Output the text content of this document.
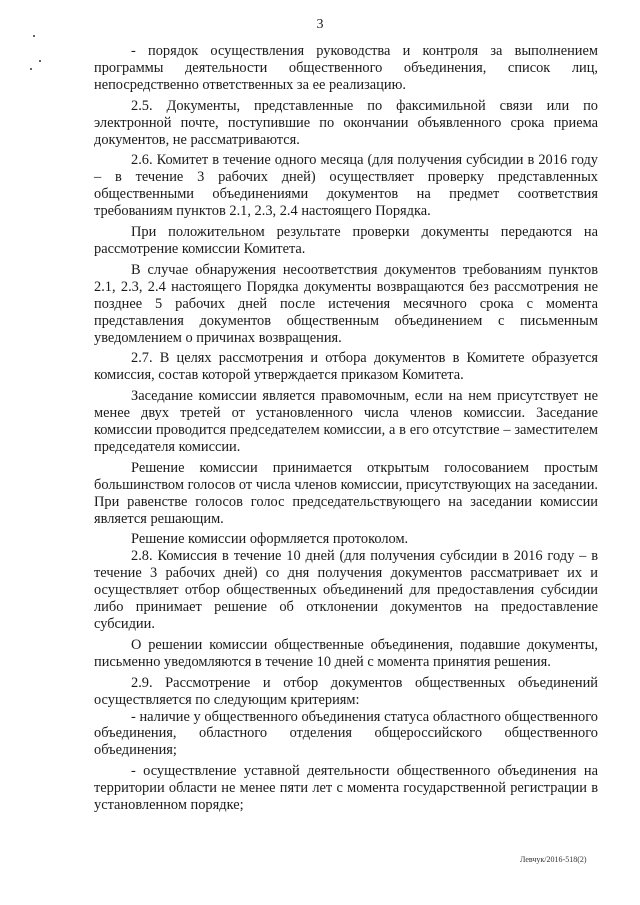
3

- порядок осуществления руководства и контроля за выполнением программы деятельности общественного объединения, список лиц, непосредственно ответственных за ее реализацию.

2.5. Документы, представленные по факсимильной связи или по электронной почте, поступившие по окончании объявленного срока приема документов, не рассматриваются.

2.6. Комитет в течение одного месяца (для получения субсидии в 2016 году – в течение 3 рабочих дней) осуществляет проверку представленных общественными объединениями документов на предмет соответствия требованиям пунктов 2.1, 2.3, 2.4 настоящего Порядка.

При положительном результате проверки документы передаются на рассмотрение комиссии Комитета.

В случае обнаружения несоответствия документов требованиям пунктов 2.1, 2.3, 2.4 настоящего Порядка документы возвращаются без рассмотрения не позднее 5 рабочих дней после истечения месячного срока с момента представления документов общественным объединением с письменным уведомлением о причинах возвращения.

2.7. В целях рассмотрения и отбора документов в Комитете образуется комиссия, состав которой утверждается приказом Комитета.

Заседание комиссии является правомочным, если на нем присутствует не менее двух третей от установленного числа членов комиссии. Заседание комиссии проводится председателем комиссии, а в его отсутствие – заместителем председателя комиссии.

Решение комиссии принимается открытым голосованием простым большинством голосов от числа членов комиссии, присутствующих на заседании. При равенстве голосов голос председательствующего на заседании комиссии является решающим.

Решение комиссии оформляется протоколом.

2.8. Комиссия в течение 10 дней (для получения субсидии в 2016 году – в течение 3 рабочих дней) со дня получения документов рассматривает их и осуществляет отбор общественных объединений для предоставления субсидии либо принимает решение об отклонении документов на предоставление субсидии.

О решении комиссии общественные объединения, подавшие документы, письменно уведомляются в течение 10 дней с момента принятия решения.

2.9. Рассмотрение и отбор документов общественных объединений осуществляется по следующим критериям:

- наличие у общественного объединения статуса областного общественного объединения, областного отделения общероссийского общественного объединения;

- осуществление уставной деятельности общественного объединения на территории области не менее пяти лет с момента государственной регистрации в установленном порядке;

Левчук/2016-518(2)
